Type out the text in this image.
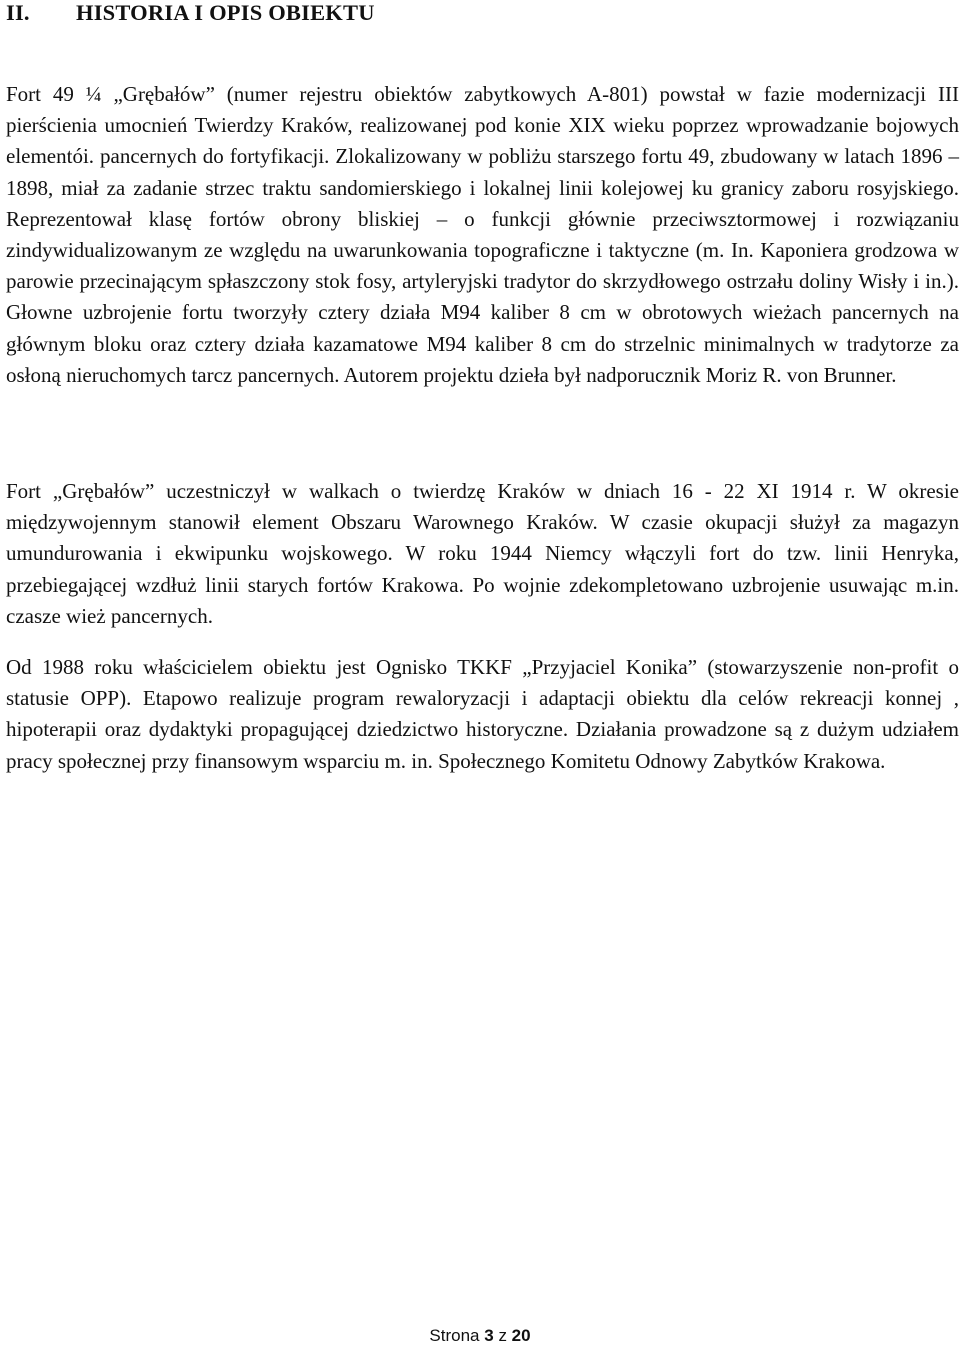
II. HISTORIA I OPIS OBIEKTU

Fort 49 ¼ „Grębałów” (numer rejestru obiektów zabytkowych A-801) powstał w fazie modernizacji III pierścienia umocnień Twierdzy Kraków, realizowanej pod konie XIX wieku poprzez wprowadzanie bojowych elementói. pancernych do fortyfikacji. Zlokalizowany w pobliżu starszego fortu 49, zbudowany w latach 1896 – 1898, miał za zadanie strzec traktu sandomierskiego i lokalnej linii kolejowej ku granicy zaboru rosyjskiego. Reprezentował klasę fortów obrony bliskiej – o funkcji głównie przeciwsztormowej i rozwiązaniu zindywidualizowanym ze względu na uwarunkowania topograficzne i taktyczne (m. In. Kaponiera grodzowa w parowie przecinającym spłaszczony stok fosy, artyleryjski tradytor do skrzydłowego ostrzału doliny Wisły i in.). Głowne uzbrojenie fortu tworzyły cztery działa M94 kaliber 8 cm w obrotowych wieżach pancernych na głównym bloku oraz cztery działa kazamatowe M94 kaliber 8 cm do strzelnic minimalnych w tradytorze za osłoną nieruchomych tarcz pancernych. Autorem projektu dzieła był nadporucznik Moriz R. von Brunner.

Fort „Grębałów” uczestniczył w walkach o twierdzę Kraków w dniach 16 - 22 XI 1914 r. W okresie międzywojennym stanowił element Obszaru Warownego Kraków. W czasie okupacji służył za magazyn umundurowania i ekwipunku wojskowego. W roku 1944 Niemcy włączyli fort do tzw. linii Henryka, przebiegającej wzdłuż linii starych fortów Krakowa. Po wojnie zdekompletowano uzbrojenie usuwając m.in. czasze wież pancernych.

Od 1988 roku właścicielem obiektu jest Ognisko TKKF „Przyjaciel Konika” (stowarzyszenie non-profit o statusie OPP). Etapowo realizuje program rewaloryzacji i adaptacji obiektu dla celów rekreacji konnej , hipoterapii oraz dydaktyki propagującej dziedzictwo historyczne. Działania prowadzone są z dużym udziałem pracy społecznej przy finansowym wsparciu m. in. Społecznego Komitetu Odnowy Zabytków Krakowa.

Strona 3 z 20
